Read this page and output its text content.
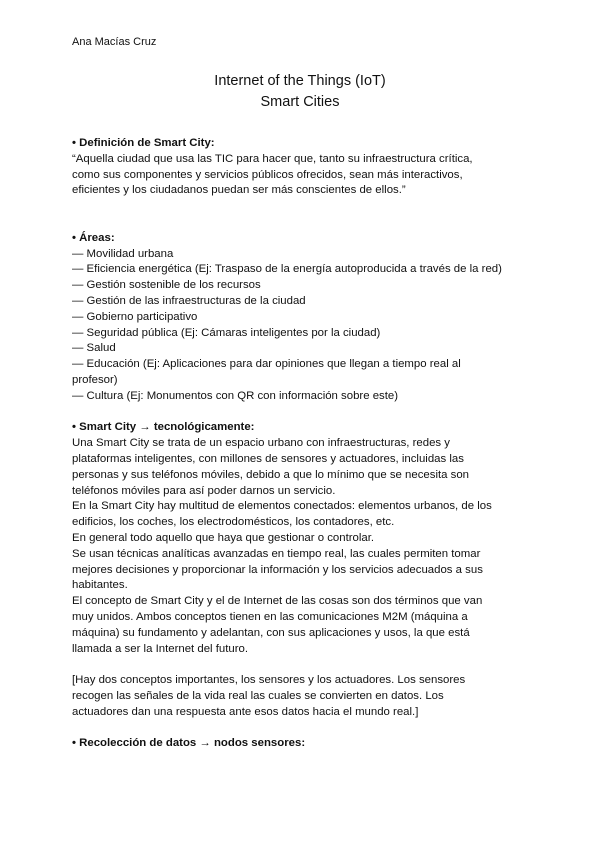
Ana Macías Cruz
Internet of the Things (IoT)
Smart Cities
• Definición de Smart City:
“Aquella ciudad que usa las TIC para hacer que, tanto su infraestructura crítica,
como sus componentes y servicios públicos ofrecidos, sean más interactivos,
eficientes y los ciudadanos puedan ser más conscientes de ellos.”
• Áreas:
— Movilidad urbana
— Eficiencia energética (Ej: Traspaso de la energía autoproducida a través de la red)
— Gestión sostenible de los recursos
— Gestión de las infraestructuras de la ciudad
— Gobierno participativo
— Seguridad pública (Ej: Cámaras inteligentes por la ciudad)
— Salud
— Educación (Ej: Aplicaciones para dar opiniones que llegan a tiempo real al
profesor)
— Cultura (Ej: Monumentos con QR con información sobre este)
• Smart City → tecnológicamente:
Una Smart City se trata de un espacio urbano con infraestructuras, redes y
plataformas inteligentes, con millones de sensores y actuadores, incluidas las
personas y sus teléfonos móviles, debido a que lo mínimo que se necesita son
teléfonos móviles para así poder darnos un servicio.
En la Smart City hay multitud de elementos conectados: elementos urbanos, de los
edificios, los coches, los electrodomésticos, los contadores, etc.
En general todo aquello que haya que gestionar o controlar.
Se usan técnicas analíticas avanzadas en tiempo real, las cuales permiten tomar
mejores decisiones y proporcionar la información y los servicios adecuados a sus
habitantes.
El concepto de Smart City y el de Internet de las cosas son dos términos que van
muy unidos. Ambos conceptos tienen en las comunicaciones M2M (máquina a
máquina) su fundamento y adelantan, con sus aplicaciones y usos, la que está
llamada a ser la Internet del futuro.
[Hay dos conceptos importantes, los sensores y los actuadores. Los sensores
recogen las señales de la vida real las cuales se convierten en datos. Los
actuadores dan una respuesta ante esos datos hacia el mundo real.]
• Recolección de datos → nodos sensores:
